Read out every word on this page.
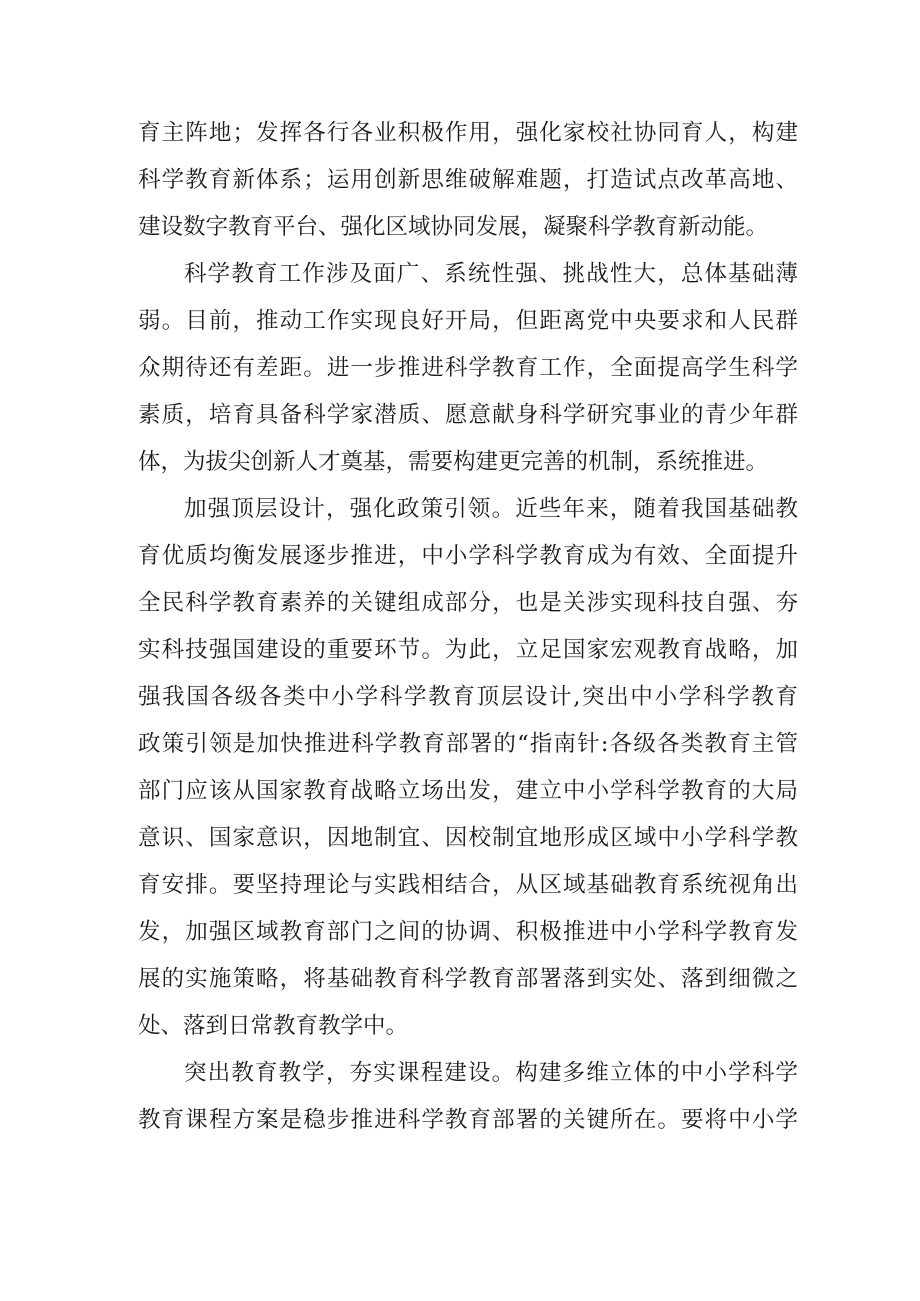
育主阵地；发挥各行各业积极作用，强化家校社协同育人，构建
科学教育新体系；运用创新思维破解难题，打造试点改革高地、
建设数字教育平台、强化区域协同发展，凝聚科学教育新动能。
科学教育工作涉及面广、系统性强、挑战性大，总体基础薄
弱。目前，推动工作实现良好开局，但距离党中央要求和人民群
众期待还有差距。进一步推进科学教育工作，全面提高学生科学
素质，培育具备科学家潜质、愿意献身科学研究事业的青少年群
体，为拔尖创新人才奠基，需要构建更完善的机制，系统推进。
加强顶层设计，强化政策引领。近些年来，随着我国基础教
育优质均衡发展逐步推进，中小学科学教育成为有效、全面提升
全民科学教育素养的关键组成部分，也是关涉实现科技自强、夯
实科技强国建设的重要环节。为此，立足国家宏观教育战略，加
强我国各级各类中小学科学教育顶层设计,突出中小学科学教育
政策引领是加快推进科学教育部署的“指南针:各级各类教育主管
部门应该从国家教育战略立场出发，建立中小学科学教育的大局
意识、国家意识，因地制宜、因校制宜地形成区域中小学科学教
育安排。要坚持理论与实践相结合，从区域基础教育系统视角出
发，加强区域教育部门之间的协调、积极推进中小学科学教育发
展的实施策略，将基础教育科学教育部署落到实处、落到细微之
处、落到日常教育教学中。
突出教育教学，夯实课程建设。构建多维立体的中小学科学
教育课程方案是稳步推进科学教育部署的关键所在。要将中小学
